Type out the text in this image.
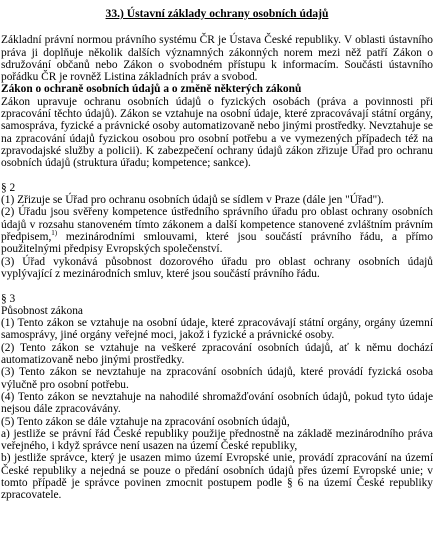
33.) Ústavní základy ochrany osobních údajů

Základní právní normou právního systému ČR je Ústava České republiky. V oblasti ústavního práva ji doplňuje několik dalších významných zákonných norem mezi něž patří Zákon o sdružování občanů nebo Zákon o svobodném přístupu k informacím. Součásti ústavního pořádku ČR je rovněž Listina základních práv a svobod.

Zákon o ochraně osobních údajů a o změně některých zákonů

Zákon upravuje ochranu osobních údajů o fyzických osobách (práva a povinnosti při zpracování těchto údajů). Zákon se vztahuje na osobní údaje, které zpracovávají státní orgány, samospráva, fyzické a právnické osoby automatizovaně nebo jinými prostředky. Nevztahuje se na zpracování údajů fyzickou osobou pro osobní potřebu a ve vymezených případech též na zpravodajské služby a policii). K zabezpečení ochrany údajů zákon zřizuje Úřad pro ochranu osobních údajů (struktura úřadu; kompetence; sankce).

§ 2

(1) Zřizuje se Úřad pro ochranu osobních údajů se sídlem v Praze (dále jen "Úřad").

(2) Úřadu jsou svěřeny kompetence ústředního správního úřadu pro oblast ochrany osobních údajů v rozsahu stanoveném tímto zákonem a další kompetence stanovené zvláštním právním předpisem,$^{1)}$ mezinárodními smlouvami, které jsou součástí právního řádu, a přímo použitelnými předpisy Evropských společenství.

(3) Úřad vykonává působnost dozorového úřadu pro oblast ochrany osobních údajů vyplývající z mezinárodních smluv, které jsou součástí právního řádu.

§ 3

Působnost zákona

(1) Tento zákon se vztahuje na osobní údaje, které zpracovávají státní orgány, orgány územní samosprávy, jiné orgány veřejné moci, jakož i fyzické a právnické osoby.

(2) Tento zákon se vztahuje na veškeré zpracování osobních údajů, ať k němu dochází automatizovaně nebo jinými prostředky.

(3) Tento zákon se nevztahuje na zpracování osobních údajů, které provádí fyzická osoba výlučně pro osobní potřebu.

(4) Tento zákon se nevztahuje na nahodilé shromažďování osobních údajů, pokud tyto údaje nejsou dále zpracovávány.

(5) Tento zákon se dále vztahuje na zpracování osobních údajů,

a) jestliže se právní řád České republiky použije přednostně na základě mezinárodního práva veřejného, i když správce není usazen na území České republiky,

b) jestliže správce, který je usazen mimo území Evropské unie, provádí zpracování na území České republiky a nejedná se pouze o předání osobních údajů přes území Evropské unie; v tomto případě je správce povinen zmocnit postupem podle § 6 na území České republiky zpracovatele.
